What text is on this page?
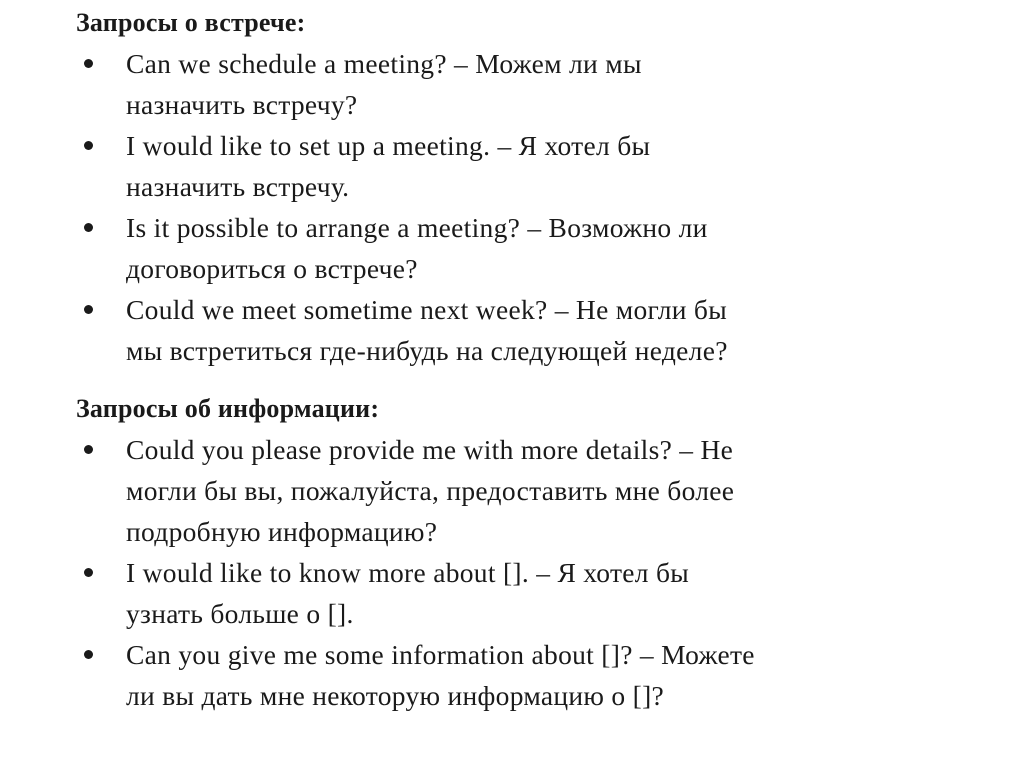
Запросы о встрече:
Can we schedule a meeting? – Можем ли мы
назначить встречу?
I would like to set up a meeting. – Я хотел бы
назначить встречу.
Is it possible to arrange a meeting? – Возможно ли
договориться о встрече?
Could we meet sometime next week? – Не могли бы
мы встретиться где-нибудь на следующей неделе?
Запросы об информации:
Could you please provide me with more details? – Не
могли бы вы, пожалуйста, предоставить мне более
подробную информацию?
I would like to know more about []. – Я хотел бы
узнать больше о [].
Can you give me some information about []? – Можете
ли вы дать мне некоторую информацию о []?
